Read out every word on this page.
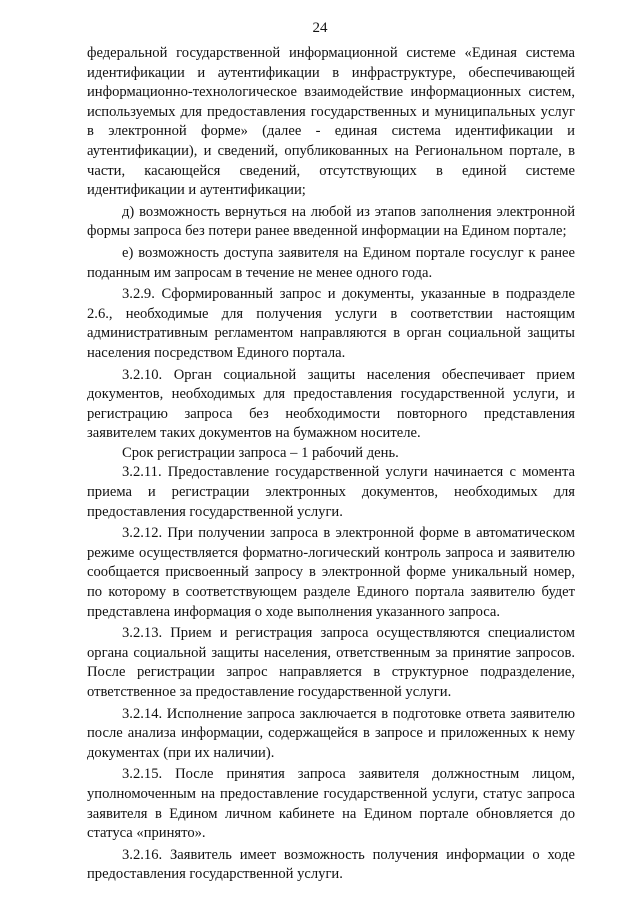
24

федеральной государственной информационной системе «Единая система идентификации и аутентификации в инфраструктуре, обеспечивающей информационно-технологическое взаимодействие информационных систем, используемых для предоставления государственных и муниципальных услуг в электронной форме» (далее - единая система идентификации и аутентификации), и сведений, опубликованных на Региональном портале, в части, касающейся сведений, отсутствующих в единой системе идентификации и аутентификации;

д) возможность вернуться на любой из этапов заполнения электронной формы запроса без потери ранее введенной информации на Едином портале;

е) возможность доступа заявителя на Едином портале госуслуг к ранее поданным им запросам в течение не менее одного года.

3.2.9. Сформированный запрос и документы, указанные в подразделе 2.6., необходимые для получения услуги в соответствии настоящим административным регламентом направляются в орган социальной защиты населения посредством Единого портала.

3.2.10. Орган социальной защиты населения обеспечивает прием документов, необходимых для предоставления государственной услуги, и регистрацию запроса без необходимости повторного представления заявителем таких документов на бумажном носителе.

Срок регистрации запроса – 1 рабочий день.

3.2.11. Предоставление государственной услуги начинается с момента приема и регистрации электронных документов, необходимых для предоставления государственной услуги.

3.2.12. При получении запроса в электронной форме в автоматическом режиме осуществляется форматно-логический контроль запроса и заявителю сообщается присвоенный запросу в электронной форме уникальный номер, по которому в соответствующем разделе Единого портала заявителю будет представлена информация о ходе выполнения указанного запроса.

3.2.13. Прием и регистрация запроса осуществляются специалистом органа социальной защиты населения, ответственным за принятие запросов. После регистрации запрос направляется в структурное подразделение, ответственное за предоставление государственной услуги.

3.2.14. Исполнение запроса заключается в подготовке ответа заявителю после анализа информации, содержащейся в запросе и приложенных к нему документах (при их наличии).

3.2.15. После принятия запроса заявителя должностным лицом, уполномоченным на предоставление государственной услуги, статус запроса заявителя в Едином личном кабинете на Едином портале обновляется до статуса «принято».

3.2.16. Заявитель имеет возможность получения информации о ходе предоставления государственной услуги.
